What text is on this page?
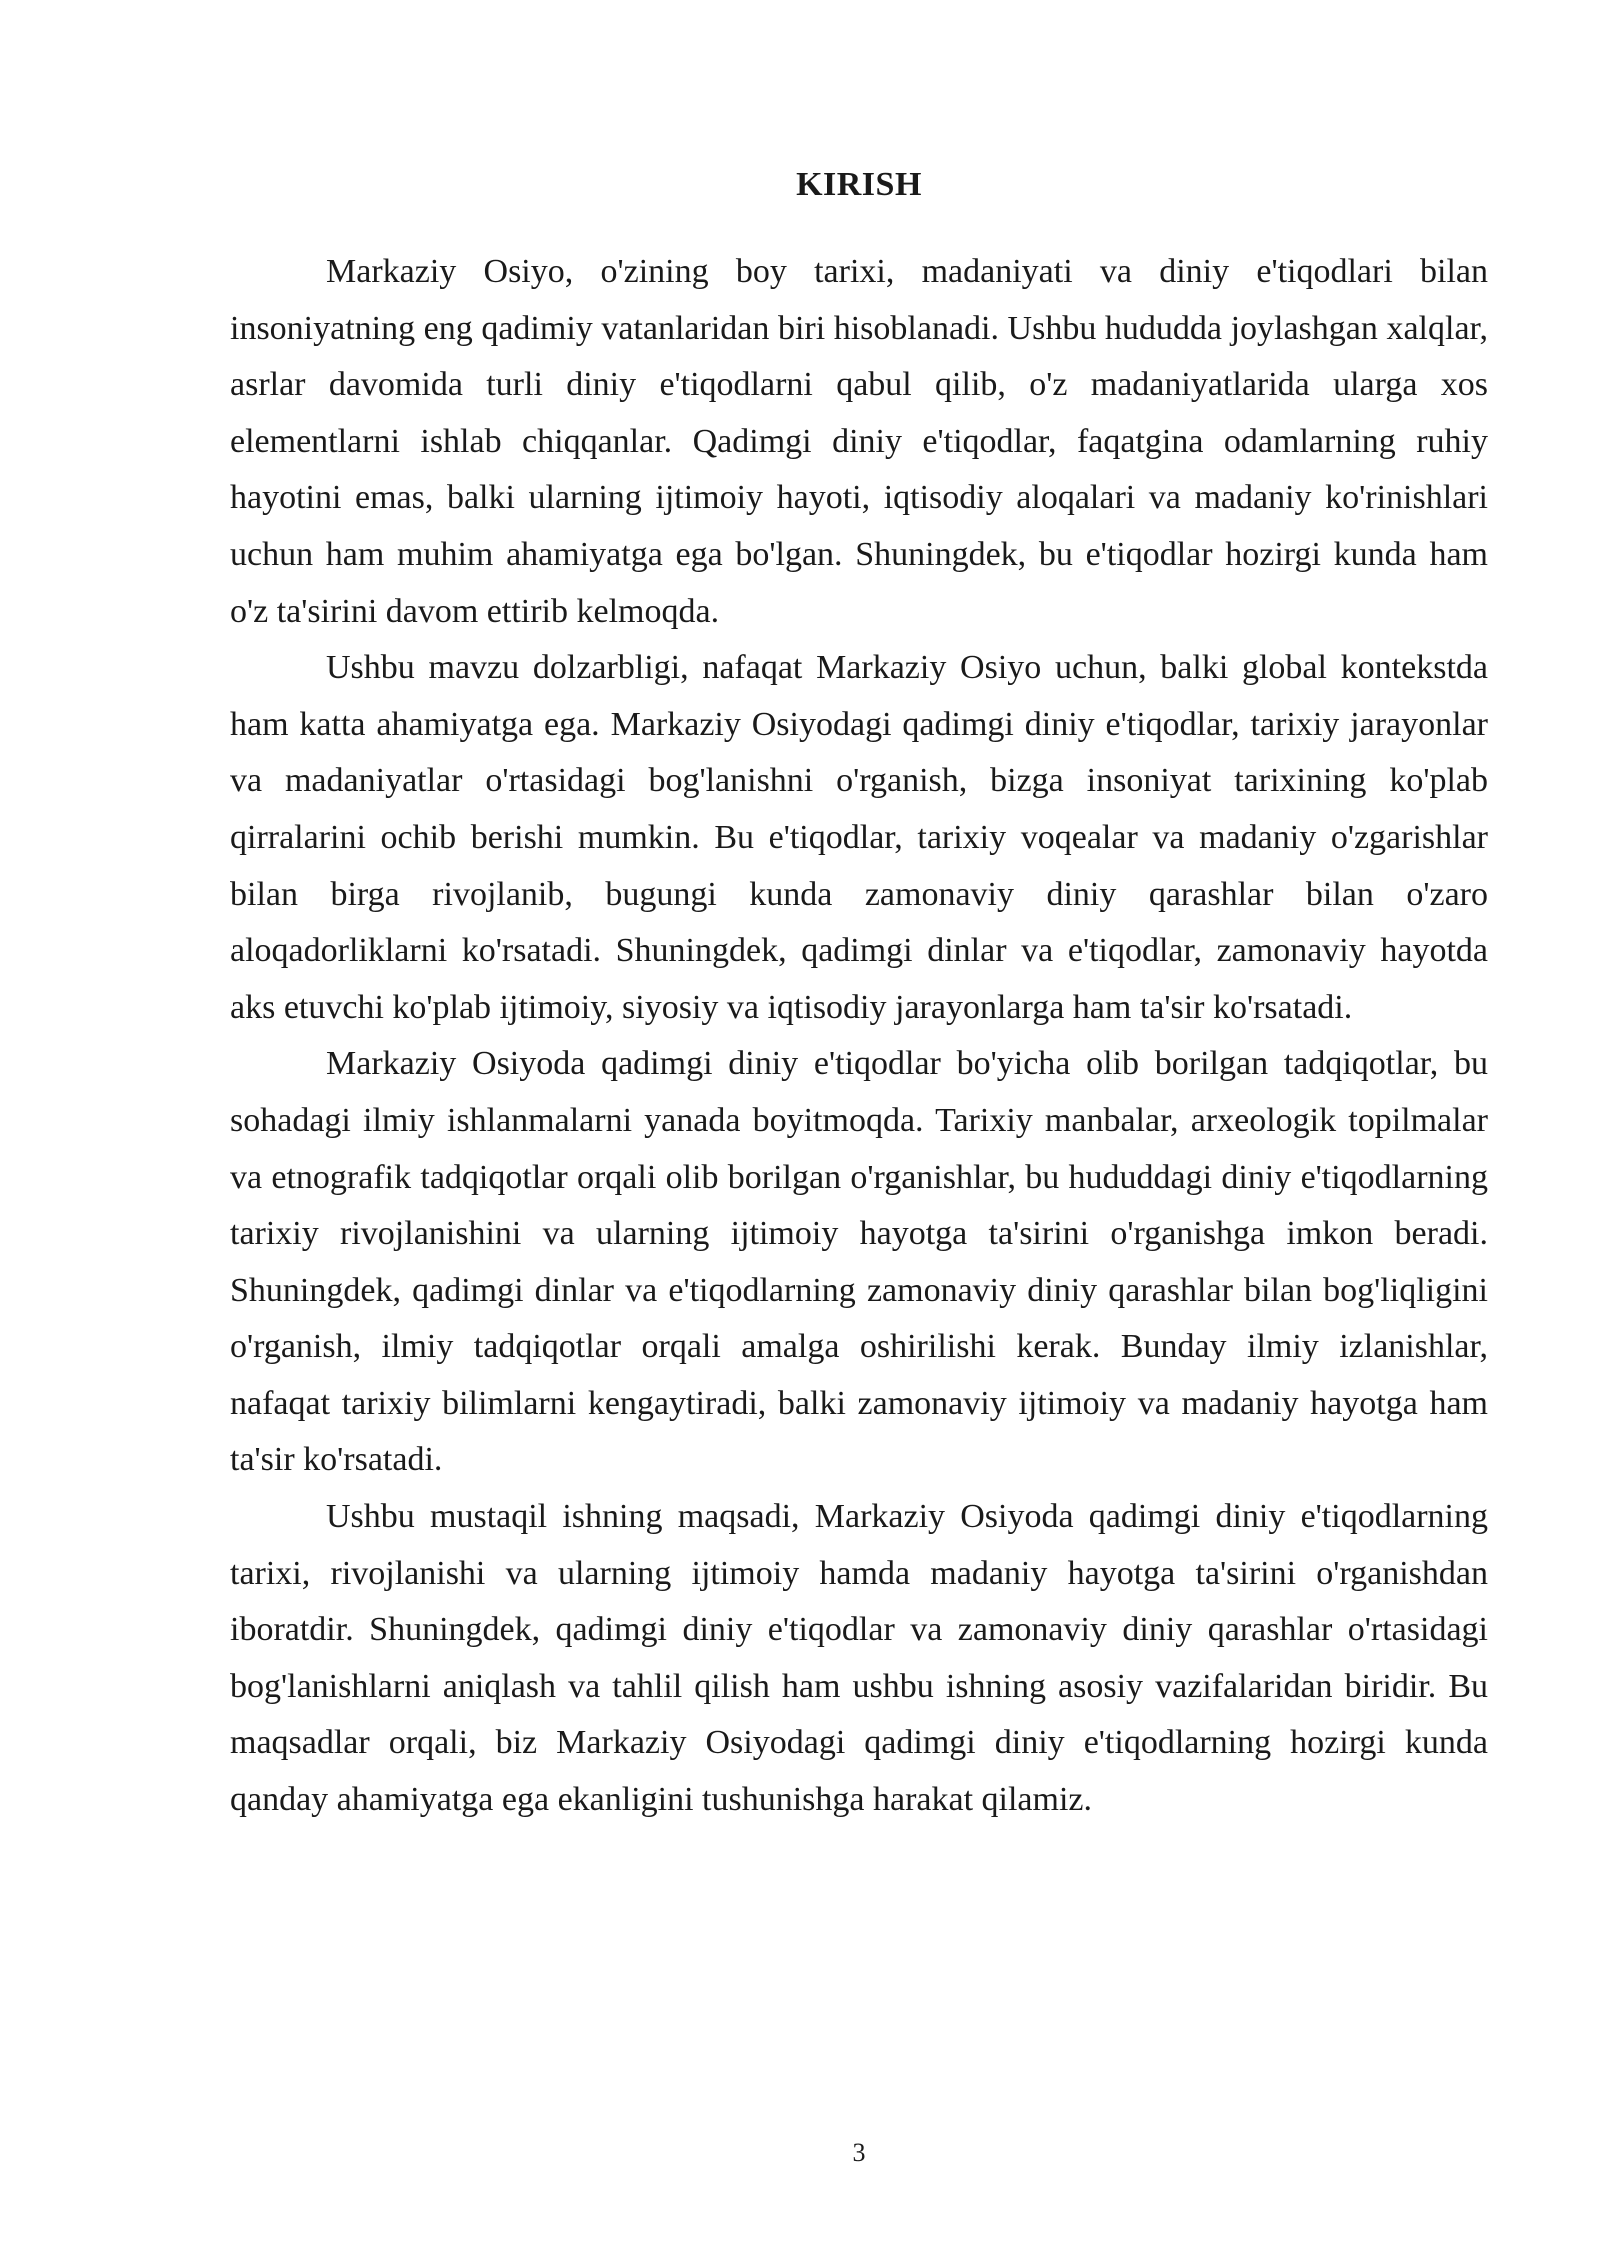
KIRISH

Markaziy Osiyo, o'zining boy tarixi, madaniyati va diniy e'tiqodlari bilan insoniyatning eng qadimiy vatanlaridan biri hisoblanadi. Ushbu hududda joylashgan xalqlar, asrlar davomida turli diniy e'tiqodlarni qabul qilib, o'z madaniyatlarida ularga xos elementlarni ishlab chiqqanlar. Qadimgi diniy e'tiqodlar, faqatgina odamlarning ruhiy hayotini emas, balki ularning ijtimoiy hayoti, iqtisodiy aloqalari va madaniy ko'rinishlari uchun ham muhim ahamiyatga ega bo'lgan. Shuningdek, bu e'tiqodlar hozirgi kunda ham o'z ta'sirini davom ettirib kelmoqda.

Ushbu mavzu dolzarbligi, nafaqat Markaziy Osiyo uchun, balki global kontekstda ham katta ahamiyatga ega. Markaziy Osiyodagi qadimgi diniy e'tiqodlar, tarixiy jarayonlar va madaniyatlar o'rtasidagi bog'lanishni o'rganish, bizga insoniyat tarixining ko'plab qirralarini ochib berishi mumkin. Bu e'tiqodlar, tarixiy voqealar va madaniy o'zgarishlar bilan birga rivojlanib, bugungi kunda zamonaviy diniy qarashlar bilan o'zaro aloqadorliklarni ko'rsatadi. Shuningdek, qadimgi dinlar va e'tiqodlar, zamonaviy hayotda aks etuvchi ko'plab ijtimoiy, siyosiy va iqtisodiy jarayonlarga ham ta'sir ko'rsatadi.

Markaziy Osiyoda qadimgi diniy e'tiqodlar bo'yicha olib borilgan tadqiqotlar, bu sohadagi ilmiy ishlanmalarni yanada boyitmoqda. Tarixiy manbalar, arxeologik topilmalar va etnografik tadqiqotlar orqali olib borilgan o'rganishlar, bu hududdagi diniy e'tiqodlarning tarixiy rivojlanishini va ularning ijtimoiy hayotga ta'sirini o'rganishga imkon beradi. Shuningdek, qadimgi dinlar va e'tiqodlarning zamonaviy diniy qarashlar bilan bog'liqligini o'rganish, ilmiy tadqiqotlar orqali amalga oshirilishi kerak. Bunday ilmiy izlanishlar, nafaqat tarixiy bilimlarni kengaytiradi, balki zamonaviy ijtimoiy va madaniy hayotga ham ta'sir ko'rsatadi.

Ushbu mustaqil ishning maqsadi, Markaziy Osiyoda qadimgi diniy e'tiqodlarning tarixi, rivojlanishi va ularning ijtimoiy hamda madaniy hayotga ta'sirini o'rganishdan iboratdir. Shuningdek, qadimgi diniy e'tiqodlar va zamonaviy diniy qarashlar o'rtasidagi bog'lanishlarni aniqlash va tahlil qilish ham ushbu ishning asosiy vazifalaridan biridir. Bu maqsadlar orqali, biz Markaziy Osiyodagi qadimgi diniy e'tiqodlarning hozirgi kunda qanday ahamiyatga ega ekanligini tushunishga harakat qilamiz.

3
